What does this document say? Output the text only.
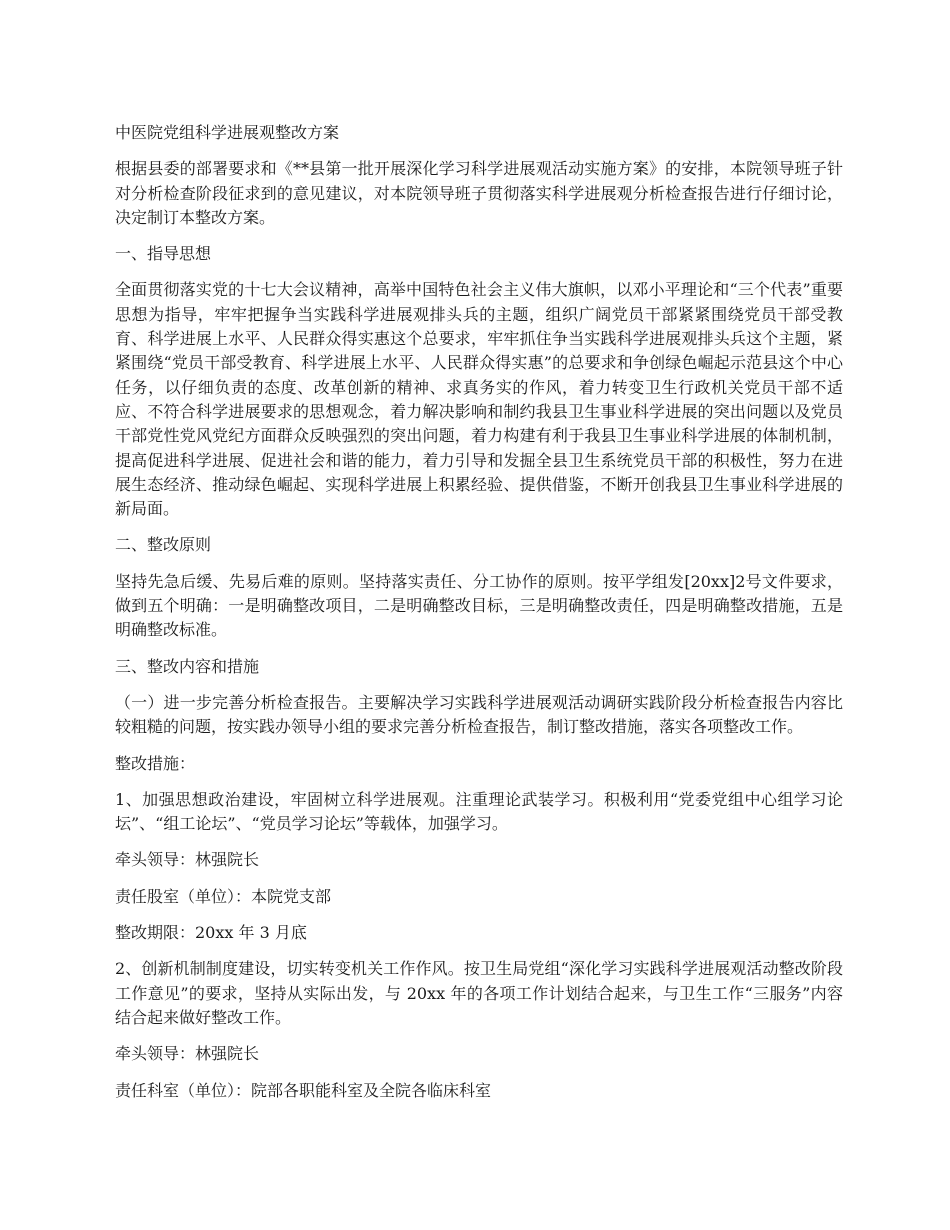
中医院党组科学进展观整改方案

根据县委的部署要求和《**县第一批开展深化学习科学进展观活动实施方案》的安排，本院领导班子针对分析检查阶段征求到的意见建议，对本院领导班子贯彻落实科学进展观分析检查报告进行仔细讨论，决定制订本整改方案。

一、指导思想

全面贯彻落实党的十七大会议精神，高举中国特色社会主义伟大旗帜，以邓小平理论和“三个代表”重要思想为指导，牢牢把握争当实践科学进展观排头兵的主题，组织广阔党员干部紧紧围绕党员干部受教育、科学进展上水平、人民群众得实惠这个总要求，牢牢抓住争当实践科学进展观排头兵这个主题，紧紧围绕“党员干部受教育、科学进展上水平、人民群众得实惠”的总要求和争创绿色崛起示范县这个中心任务，以仔细负责的态度、改革创新的精神、求真务实的作风，着力转变卫生行政机关党员干部不适应、不符合科学进展要求的思想观念，着力解决影响和制约我县卫生事业科学进展的突出问题以及党员干部党性党风党纪方面群众反映强烈的突出问题，着力构建有利于我县卫生事业科学进展的体制机制，提高促进科学进展、促进社会和谐的能力，着力引导和发掘全县卫生系统党员干部的积极性，努力在进展生态经济、推动绿色崛起、实现科学进展上积累经验、提供借鉴，不断开创我县卫生事业科学进展的新局面。

二、整改原则

坚持先急后缓、先易后难的原则。坚持落实责任、分工协作的原则。按平学组发[20xx]2号文件要求，做到五个明确：一是明确整改项目，二是明确整改目标，三是明确整改责任，四是明确整改措施，五是明确整改标准。

三、整改内容和措施

（一）进一步完善分析检查报告。主要解决学习实践科学进展观活动调研实践阶段分析检查报告内容比较粗糙的问题，按实践办领导小组的要求完善分析检查报告，制订整改措施，落实各项整改工作。

整改措施：

1、加强思想政治建设，牢固树立科学进展观。注重理论武装学习。积极利用“党委党组中心组学习论坛”、“组工论坛”、“党员学习论坛”等载体，加强学习。

牵头领导：林强院长

责任股室（单位）：本院党支部

整改期限：20xx 年 3 月底

2、创新机制制度建设，切实转变机关工作作风。按卫生局党组“深化学习实践科学进展观活动整改阶段工作意见”的要求，坚持从实际出发，与 20xx 年的各项工作计划结合起来，与卫生工作“三服务”内容结合起来做好整改工作。

牵头领导：林强院长

责任科室（单位）：院部各职能科室及全院各临床科室
